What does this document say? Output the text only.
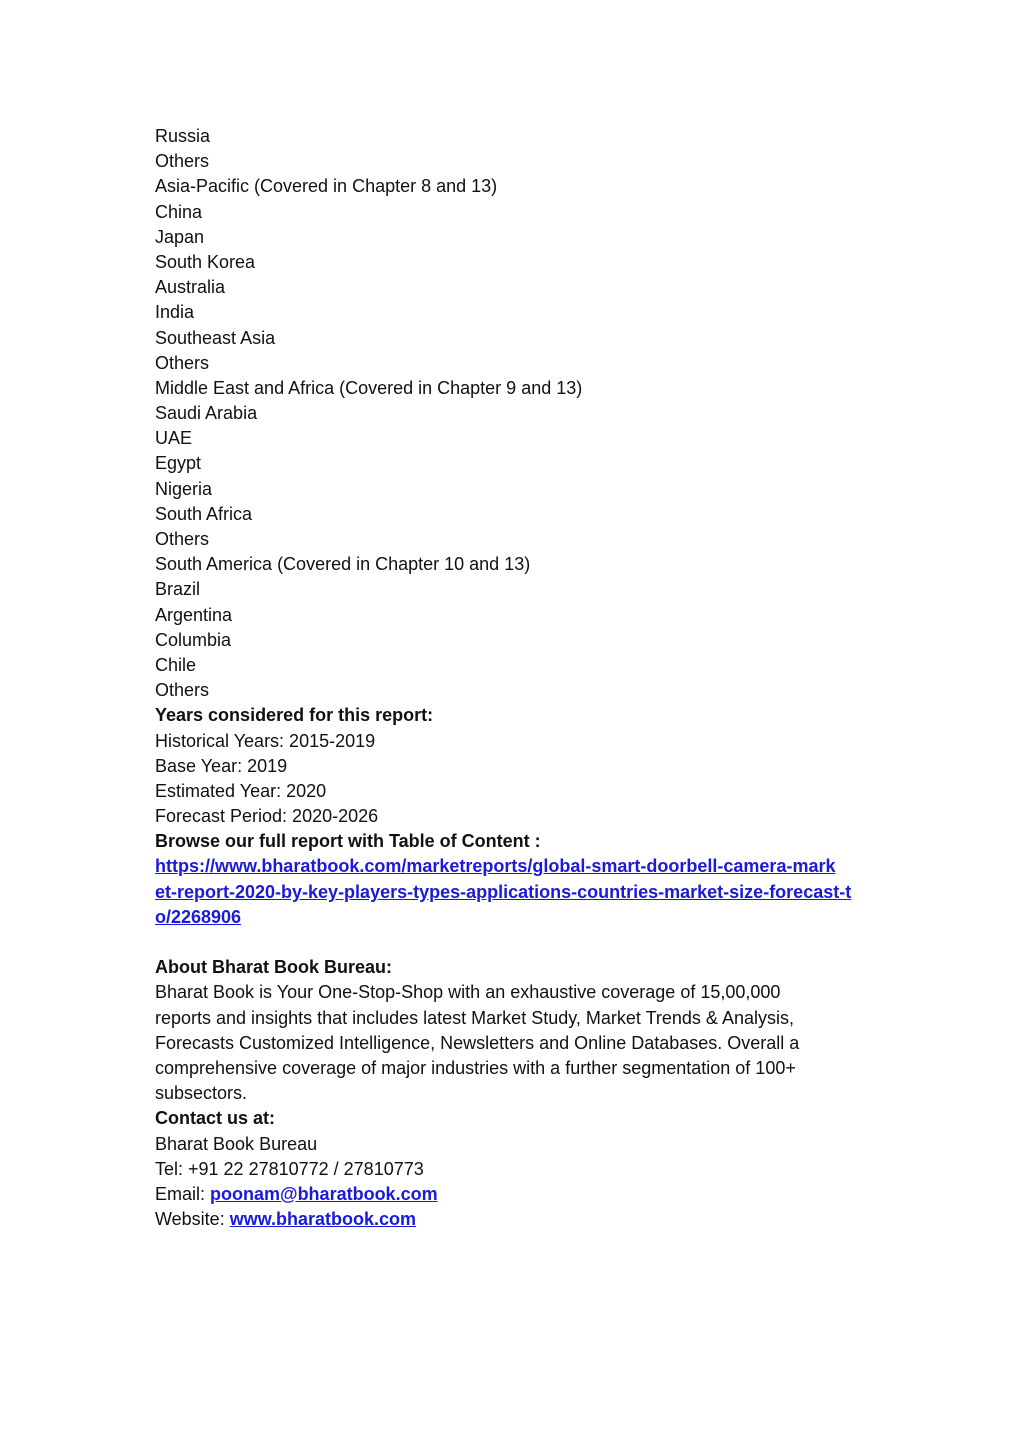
Russia
Others
Asia-Pacific (Covered in Chapter 8 and 13)
China
Japan
South Korea
Australia
India
Southeast Asia
Others
Middle East and Africa (Covered in Chapter 9 and 13)
Saudi Arabia
UAE
Egypt
Nigeria
South Africa
Others
South America (Covered in Chapter 10 and 13)
Brazil
Argentina
Columbia
Chile
Others
Years considered for this report:
Historical Years: 2015-2019
Base Year: 2019
Estimated Year: 2020
Forecast Period: 2020-2026
Browse our full report with Table of Content :
https://www.bharatbook.com/marketreports/global-smart-doorbell-camera-mark
et-report-2020-by-key-players-types-applications-countries-market-size-forecast-t
o/2268906
About Bharat Book Bureau:
Bharat Book is Your One-Stop-Shop with an exhaustive coverage of 15,00,000
reports and insights that includes latest Market Study, Market Trends & Analysis,
Forecasts Customized Intelligence, Newsletters and Online Databases. Overall a
comprehensive coverage of major industries with a further segmentation of 100+
subsectors.
Contact us at:
Bharat Book Bureau
Tel: +91 22 27810772 / 27810773
Email: poonam@bharatbook.com
Website: www.bharatbook.com
